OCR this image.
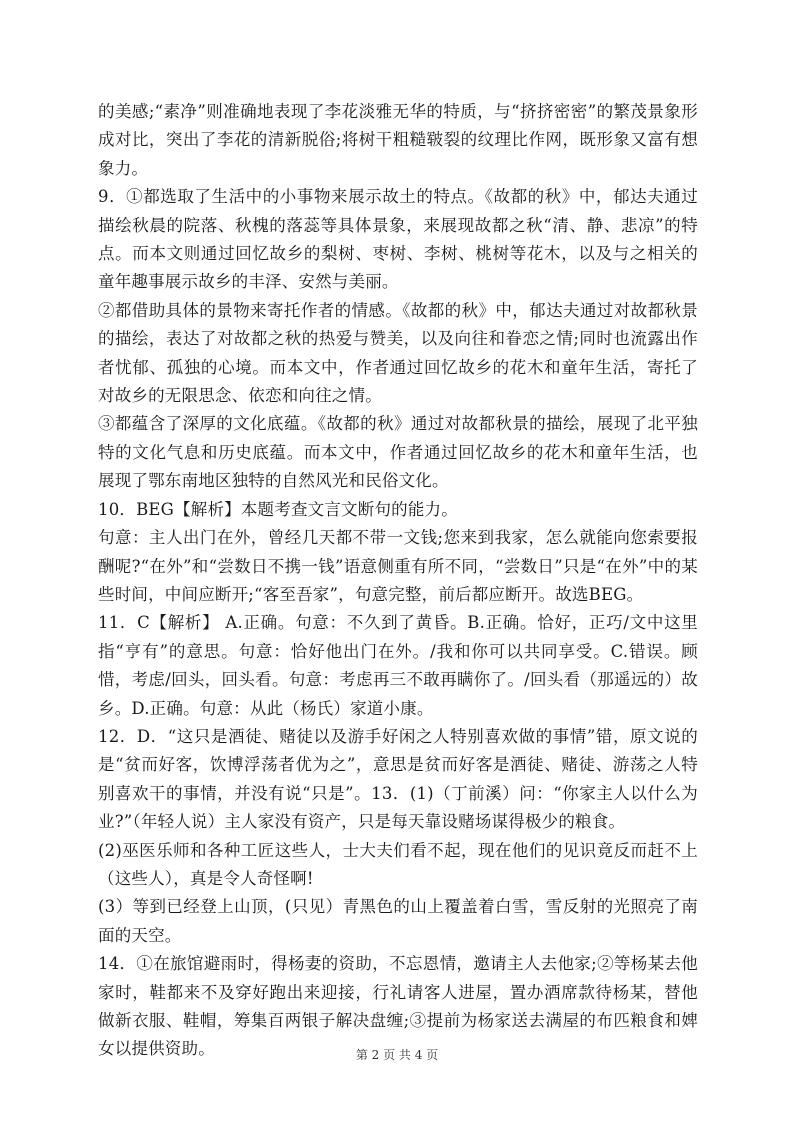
的美感;“素净”则准确地表现了李花淡雅无华的特质，与“挤挤密密”的繁茂景象形成对比，突出了李花的清新脱俗;将树干粗糙皲裂的纹理比作网，既形象又富有想象力。

9．①都选取了生活中的小事物来展示故土的特点。《故都的秋》中，郁达夫通过描绘秋晨的院落、秋槐的落蕊等具体景象，来展现故都之秋“清、静、悲凉”的特点。而本文则通过回忆故乡的梨树、枣树、李树、桃树等花木，以及与之相关的童年趣事展示故乡的丰泽、安然与美丽。

②都借助具体的景物来寄托作者的情感。《故都的秋》中，郁达夫通过对故都秋景的描绘，表达了对故都之秋的热爱与赞美，以及向往和眷恋之情;同时也流露出作者忧郁、孤独的心境。而本文中，作者通过回忆故乡的花木和童年生活，寄托了对故乡的无限思念、依恋和向往之情。

③都蕴含了深厚的文化底蕴。《故都的秋》通过对故都秋景的描绘，展现了北平独特的文化气息和历史底蕴。而本文中，作者通过回忆故乡的花木和童年生活，也展现了鄂东南地区独特的自然风光和民俗文化。

10．BEG【解析】本题考查文言文断句的能力。

句意：主人出门在外，曾经几天都不带一文钱;您来到我家，怎么就能向您索要报酬呢?“在外”和“尝数日不携一钱”语意侧重有所不同，“尝数日”只是“在外”中的某些时间，中间应断开;“客至吾家”，句意完整，前后都应断开。故选BEG。

11．C【解析】 A.正确。句意：不久到了黄昏。B.正确。恰好，正巧/文中这里指“亨有”的意思。句意：恰好他出门在外。/我和你可以共同享受。C.错误。顾惜，考虑/回头，回头看。句意：考虑再三不敢再瞒你了。/回头看（那遥远的）故乡。D.正确。句意：从此（杨氏）家道小康。

12．D．“这只是酒徒、赌徒以及游手好闲之人特别喜欢做的事情”错，原文说的是“贫而好客，饮博浮荡者优为之”，意思是贫而好客是酒徒、赌徒、游荡之人特别喜欢干的事情，并没有说“只是”。13．(1)（丁前溪）问：“你家主人以什么为业?”（年轻人说）主人家没有资产，只是每天靠设赌场谋得极少的粮食。

(2)巫医乐师和各种工匠这些人，士大夫们看不起，现在他们的见识竟反而赶不上（这些人），真是令人奇怪啊!

(3）等到已经登上山顶，(只见）青黑色的山上覆盖着白雪，雪反射的光照亮了南面的天空。

14．①在旅馆避雨时，得杨妻的资助，不忘恩情，邀请主人去他家;②等杨某去他家时，鞋都来不及穿好跑出来迎接，行礼请客人进屋，置办酒席款待杨某，替他做新衣服、鞋帽，筹集百两银子解决盘缠;③提前为杨家送去满屋的布匹粮食和婢女以提供资助。	第 2 页 共 4 页
